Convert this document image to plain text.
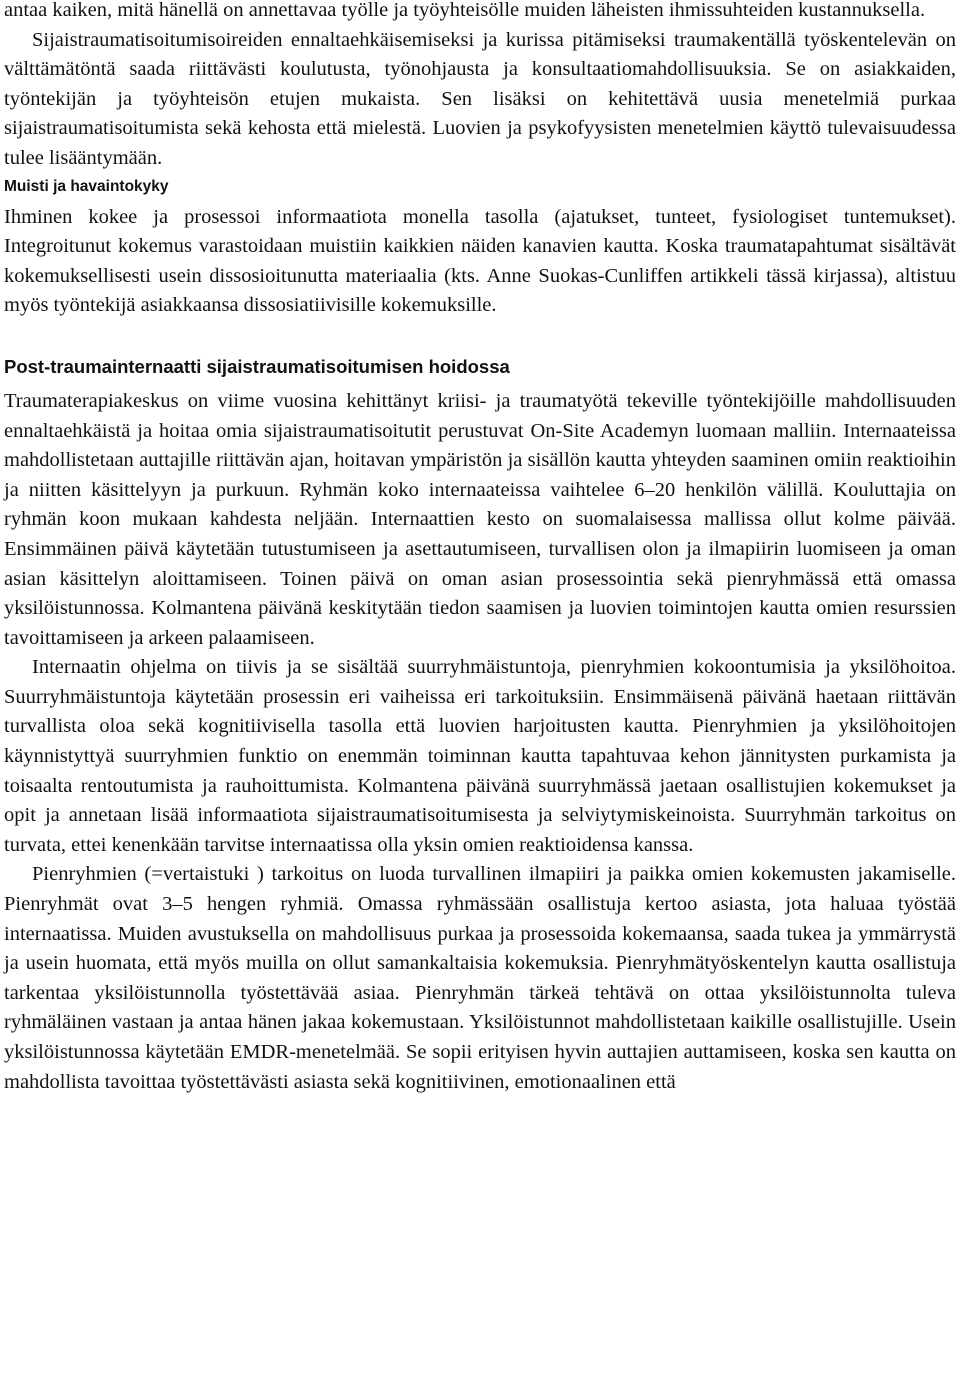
antaa kaiken, mitä hänellä on annettavaa työlle ja työyhteisölle muiden läheisten ihmissuhteiden kustannuksella.

Sijaistraumatisoitumisoireiden ennaltaehkäisemiseksi ja kurissa pitämiseksi traumakentällä työskentelevän on välttämätöntä saada riittävästi koulutusta, työnohjausta ja konsultaatiomahdollisuuksia. Se on asiakkaiden, työntekijän ja työyhteisön etujen mukaista. Sen lisäksi on kehitettävä uusia menetelmiä purkaa sijaistraumatisoitumista sekä kehosta että mielestä. Luovien ja psykofyysisten menetelmien käyttö tulevaisuudessa tulee lisääntymään.

Muisti ja havaintokyky

Ihminen kokee ja prosessoi informaatiota monella tasolla (ajatukset, tunteet, fysiologiset tuntemukset). Integroitunut kokemus varastoidaan muistiin kaikkien näiden kanavien kautta. Koska traumatapahtumat sisältävät kokemuksellisesti usein dissosioitunutta materiaalia (kts. Anne Suokas-Cunliffen artikkeli tässä kirjassa), altistuu myös työntekijä asiakkaansa dissosiatiivisille kokemuksille.

Post-traumainternaatti sijaistraumatisoitumisen hoidossa

Traumaterapiakeskus on viime vuosina kehittänyt kriisi- ja traumatyötä tekeville työntekijöille mahdollisuuden ennaltaehkäistä ja hoitaa omia sijaistraumatisoitutit perustuvat On-Site Academyn luomaan malliin. Internaateissa mahdollistetaan auttajille riittävän ajan, hoitavan ympäristön ja sisällön kautta yhteyden saaminen omiin reaktioihin ja niitten käsittelyyn ja purkuun. Ryhmän koko internaateissa vaihtelee 6–20 henkilön välillä. Kouluttajia on ryhmän koon mukaan kahdesta neljään. Internaattien kesto on suomalaisessa mallissa ollut kolme päivää. Ensimmäinen päivä käytetään tutustumiseen ja asettautumiseen, turvallisen olon ja ilmapiirin luomiseen ja oman asian käsittelyn aloittamiseen. Toinen päivä on oman asian prosessointia sekä pienryhmässä että omassa yksilöistunnossa. Kolmantena päivänä keskitytään tiedon saamisen ja luovien toimintojen kautta omien resurssien tavoittamiseen ja arkeen palaamiseen.

Internaatin ohjelma on tiivis ja se sisältää suurryhmäistuntoja, pienryhmien kokoontumisia ja yksilöhoitoa. Suurryhmäistuntoja käytetään prosessin eri vaiheissa eri tarkoituksiin. Ensimmäisenä päivänä haetaan riittävän turvallista oloa sekä kognitiivisella tasolla että luovien harjoitusten kautta. Pienryhmien ja yksilöhoitojen käynnistyttyä suurryhmien funktio on enemmän toiminnan kautta tapahtuvaa kehon jännitysten purkamista ja toisaalta rentoutumista ja rauhoittumista. Kolmantena päivänä suurryhmässä jaetaan osallistujien kokemukset ja opit ja annetaan lisää informaatiota sijaistraumatisoitumisesta ja selviytymiskeinoista. Suurryhmän tarkoitus on turvata, ettei kenenkään tarvitse internaatissa olla yksin omien reaktioidensa kanssa.

Pienryhmien (=vertaistuki ) tarkoitus on luoda turvallinen ilmapiiri ja paikka omien kokemusten jakamiselle. Pienryhmät ovat 3–5 hengen ryhmiä. Omassa ryhmässään osallistuja kertoo asiasta, jota haluaa työstää internaatissa. Muiden avustuksella on mahdollisuus purkaa ja prosessoida kokemaansa, saada tukea ja ymmärrystä ja usein huomata, että myös muilla on ollut samankaltaisia kokemuksia. Pienryhmätyöskentelyn kautta osallistuja tarkentaa yksilöistunnolla työstettävää asiaa. Pienryhmän tärkeä tehtävä on ottaa yksilöistunnolta tuleva ryhmäläinen vastaan ja antaa hänen jakaa kokemustaan. Yksilöistunnot mahdollistetaan kaikille osallistujille. Usein yksilöistunnossa käytetään EMDR-menetelmää. Se sopii erityisen hyvin auttajien auttamiseen, koska sen kautta on mahdollista tavoittaa työstettävästi asiasta sekä kognitiivinen, emotionaalinen että
